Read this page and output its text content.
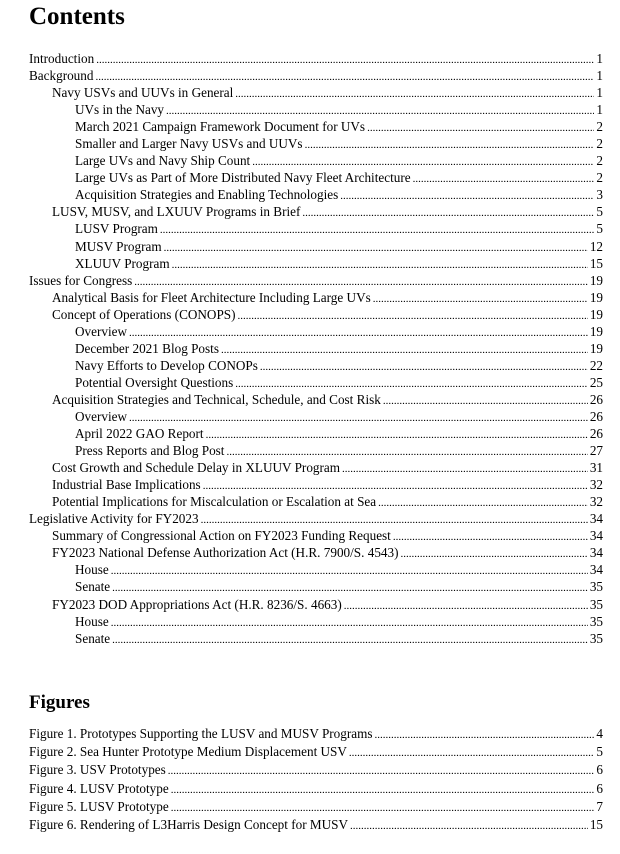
Contents
Introduction .....	1
Background .....	1
Navy USVs and UUVs in General .....	1
UVs in the Navy .....	1
March 2021 Campaign Framework Document for UVs .....	2
Smaller and Larger Navy USVs and UUVs .....	2
Large UVs and Navy Ship Count .....	2
Large UVs as Part of More Distributed Navy Fleet Architecture .....	2
Acquisition Strategies and Enabling Technologies .....	3
LUSV, MUSV, and LXUUV Programs in Brief .....	5
LUSV Program .....	5
MUSV Program .....	12
XLUUV Program .....	15
Issues for Congress .....	19
Analytical Basis for Fleet Architecture Including Large UVs .....	19
Concept of Operations (CONOPS) .....	19
Overview .....	19
December 2021 Blog Posts .....	19
Navy Efforts to Develop CONOPs .....	22
Potential Oversight Questions .....	25
Acquisition Strategies and Technical, Schedule, and Cost Risk .....	26
Overview .....	26
April 2022 GAO Report .....	26
Press Reports and Blog Post .....	27
Cost Growth and Schedule Delay in XLUUV Program .....	31
Industrial Base Implications .....	32
Potential Implications for Miscalculation or Escalation at Sea .....	32
Legislative Activity for FY2023 .....	34
Summary of Congressional Action on FY2023 Funding Request .....	34
FY2023 National Defense Authorization Act (H.R. 7900/S. 4543) .....	34
House .....	34
Senate .....	35
FY2023 DOD Appropriations Act (H.R. 8236/S. 4663) .....	35
House .....	35
Senate .....	35
Figures
Figure 1. Prototypes Supporting the LUSV and MUSV Programs .....	4
Figure 2. Sea Hunter Prototype Medium Displacement USV .....	5
Figure 3. USV Prototypes .....	6
Figure 4. LUSV Prototype .....	6
Figure 5. LUSV Prototype .....	7
Figure 6. Rendering of L3Harris Design Concept for MUSV .....	15
